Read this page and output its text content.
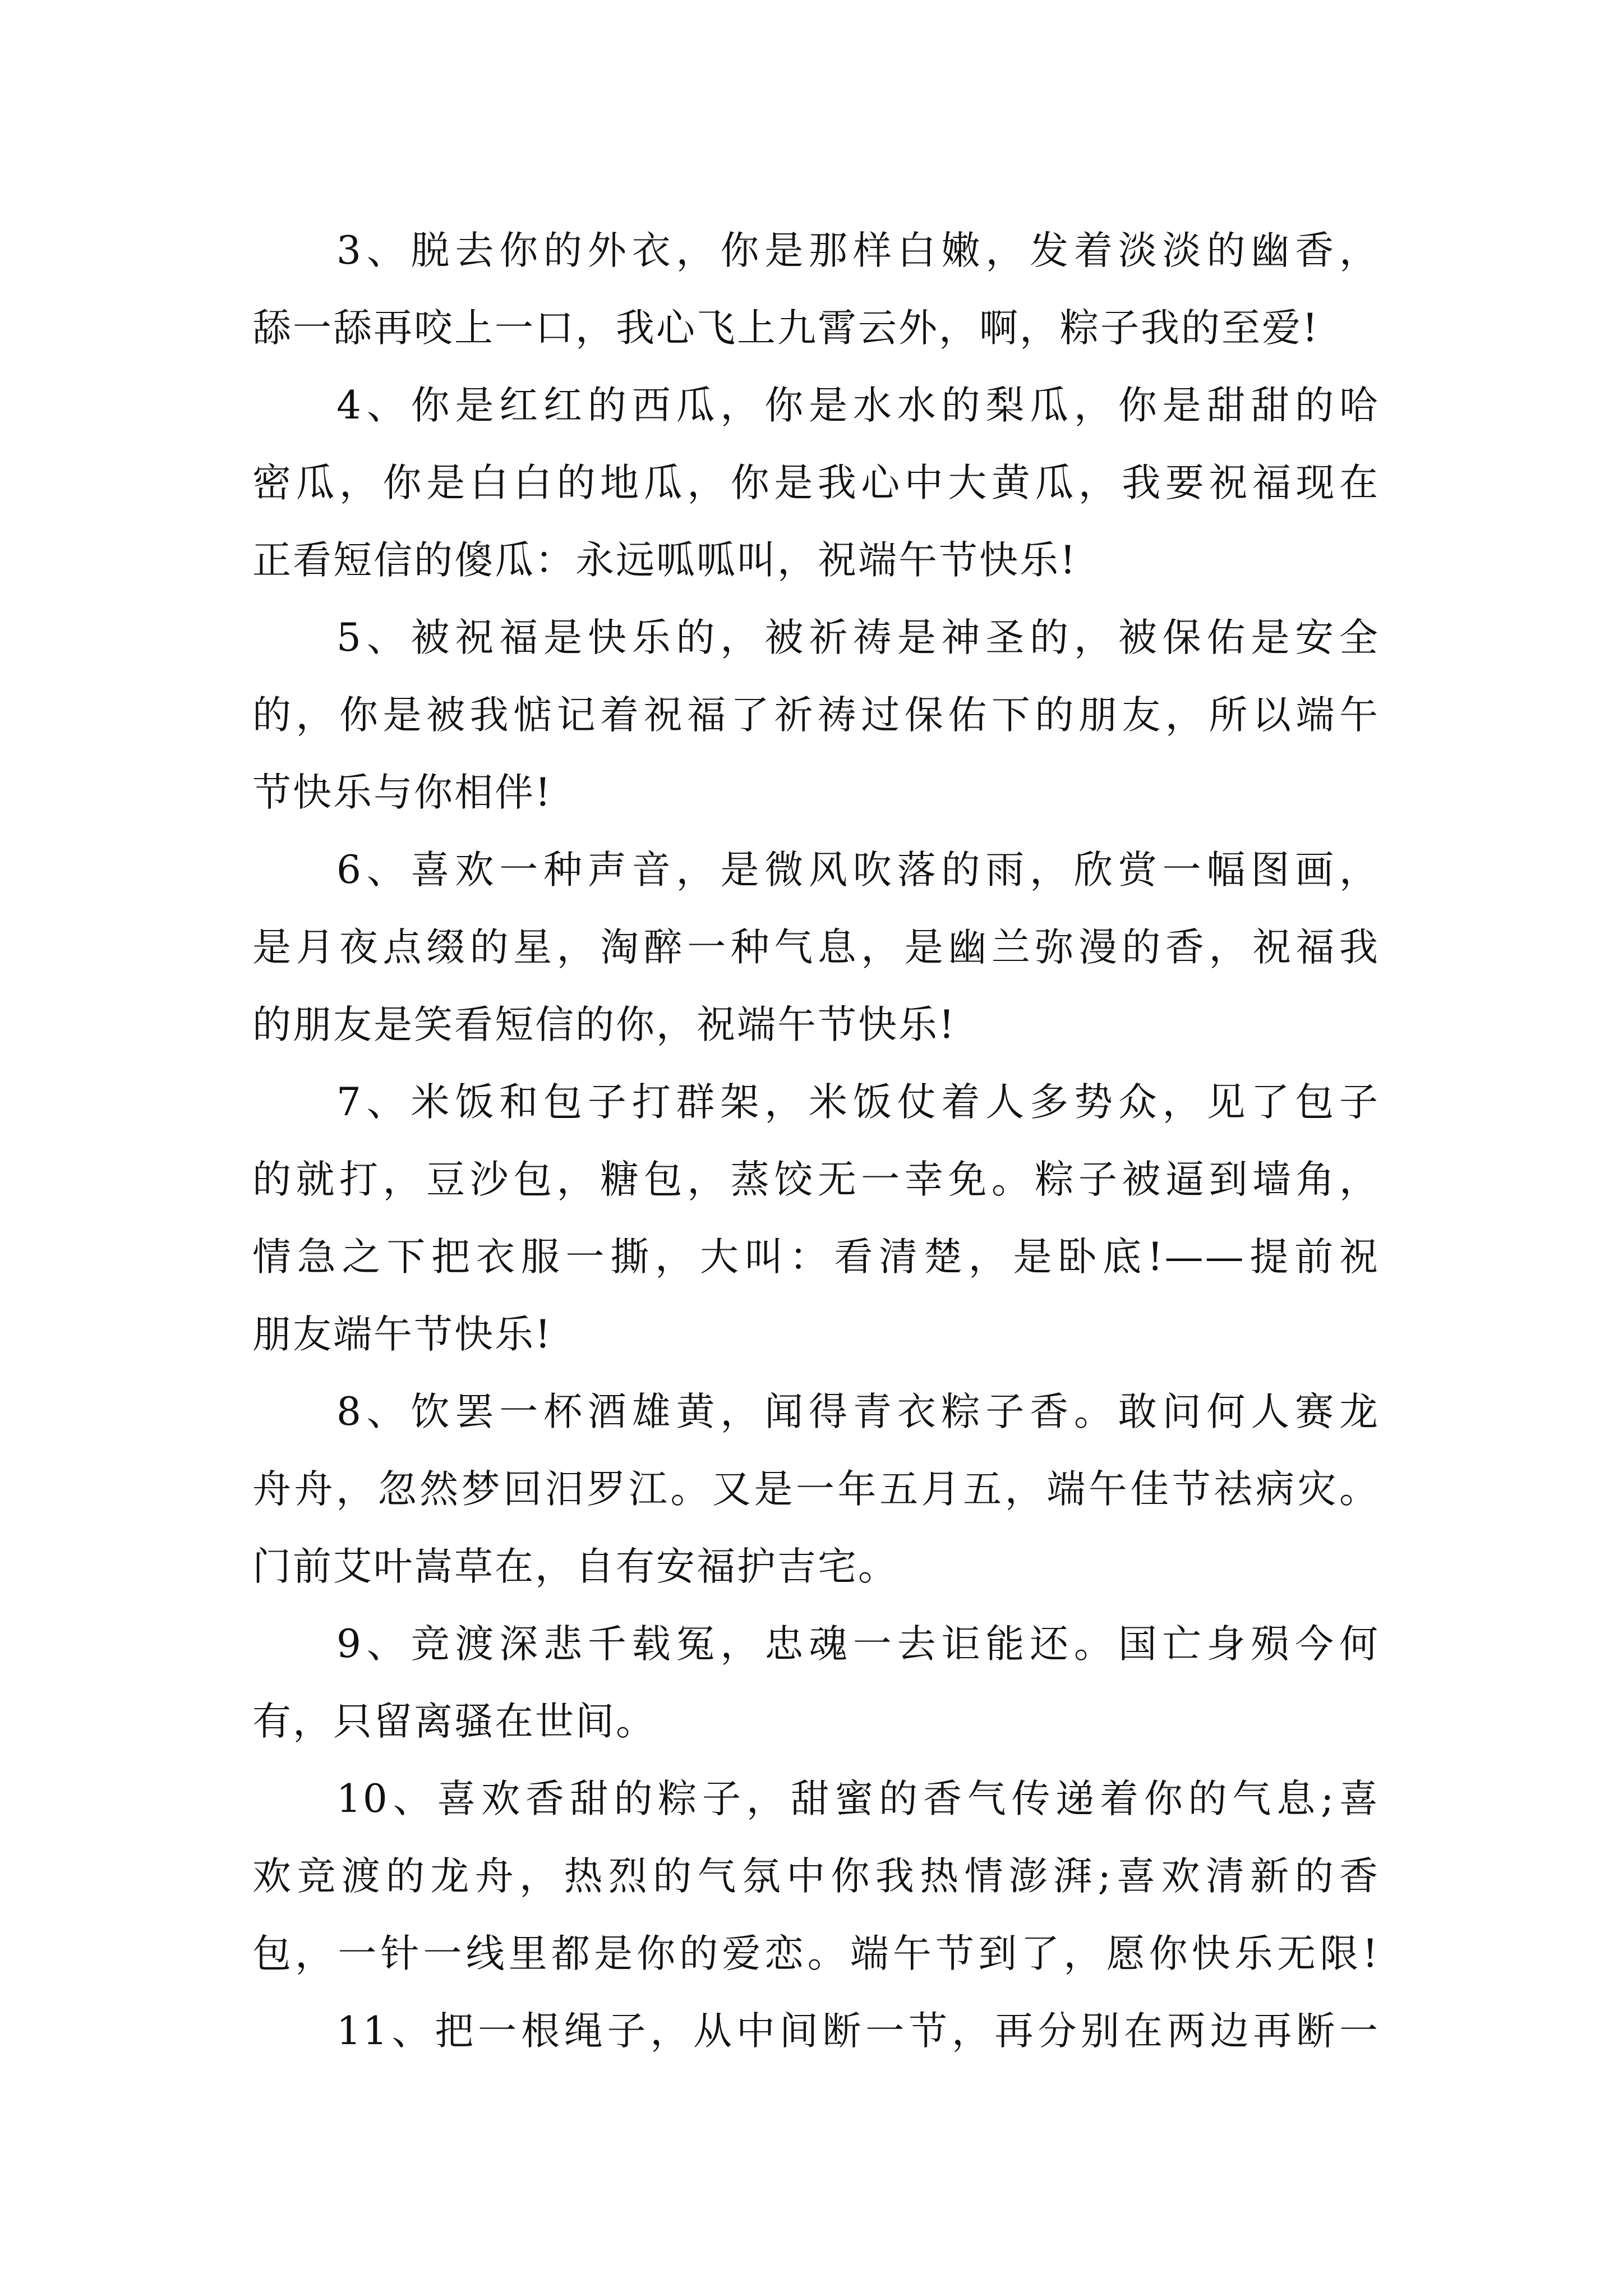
3、脱去你的外衣，你是那样白嫩，发着淡淡的幽香，
舔一舔再咬上一口，我心飞上九霄云外，啊，粽子我的至爱!
4、你是红红的西瓜，你是水水的梨瓜，你是甜甜的哈
密瓜，你是白白的地瓜，你是我心中大黄瓜，我要祝福现在
正看短信的傻瓜：永远呱呱叫，祝端午节快乐!
5、被祝福是快乐的，被祈祷是神圣的，被保佑是安全
的，你是被我惦记着祝福了祈祷过保佑下的朋友，所以端午
节快乐与你相伴!
6、喜欢一种声音，是微风吹落的雨，欣赏一幅图画，
是月夜点缀的星，淘醉一种气息，是幽兰弥漫的香，祝福我
的朋友是笑看短信的你，祝端午节快乐!
7、米饭和包子打群架，米饭仗着人多势众，见了包子
的就打，豆沙包，糖包，蒸饺无一幸免。粽子被逼到墙角，
情急之下把衣服一撕，大叫：看清楚，是卧底!——提前祝
朋友端午节快乐!
8、饮罢一杯酒雄黄，闻得青衣粽子香。敢问何人赛龙
舟舟，忽然梦回汨罗江。又是一年五月五，端午佳节祛病灾。
门前艾叶嵩草在，自有安福护吉宅。
9、竞渡深悲千载冤，忠魂一去讵能还。国亡身殒今何
有，只留离骚在世间。
10、喜欢香甜的粽子，甜蜜的香气传递着你的气息;喜
欢竞渡的龙舟，热烈的气氛中你我热情澎湃;喜欢清新的香
包，一针一线里都是你的爱恋。端午节到了，愿你快乐无限!
11、把一根绳子，从中间断一节，再分别在两边再断一
